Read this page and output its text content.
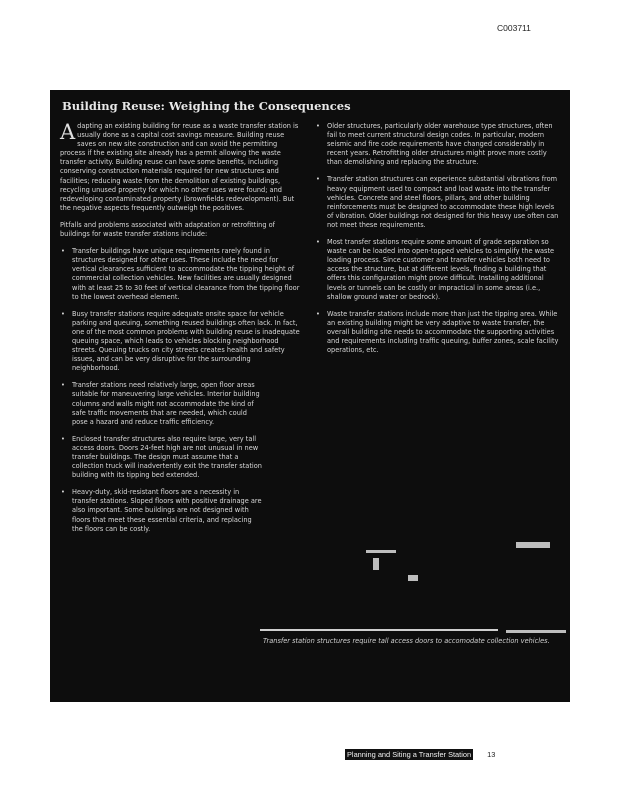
C003711
Building Reuse: Weighing the Consequences

Adapting an existing building for reuse as a waste transfer station is usually done as a capital cost savings measure. Building reuse saves on new site construction and can avoid the permitting process if the existing site already has a permit allowing the waste transfer activity. Building reuse can have some benefits, including conserving construction materials required for new structures and facilities; reducing waste from the demolition of existing buildings, recycling unused property for which no other uses were found; and redeveloping contaminated property (brownfields redevelopment). But the negative aspects frequently outweigh the positives.

Pitfalls and problems associated with adaptation or retrofitting of buildings for waste transfer stations include:

• Transfer buildings have unique requirements rarely found in structures designed for other uses. These include the need for vertical clearances sufficient to accommodate the tipping height of commercial collection vehicles. New facilities are usually designed with at least 25 to 30 feet of vertical clearance from the tipping floor to the lowest overhead element.
• Busy transfer stations require adequate onsite space for vehicle parking and queuing, something reused buildings often lack. In fact, one of the most common problems with building reuse is inadequate queuing space, which leads to vehicles blocking neighborhood streets. Queuing trucks on city streets creates health and safety issues, and can be very disruptive for the surrounding neighborhood.
• Transfer stations need relatively large, open floor areas suitable for maneuvering large vehicles. Interior building columns and walls might not accommodate the kind of safe traffic movements that are needed, which could pose a hazard and reduce traffic efficiency.
• Enclosed transfer structures also require large, very tall access doors. Doors 24-feet high are not unusual in new transfer buildings. The design must assume that a collection truck will inadvertently exit the transfer station building with its tipping bed extended.
• Heavy-duty, skid-resistant floors are a necessity in transfer stations. Sloped floors with positive drainage are also important. Some buildings are not designed with floors that meet these essential criteria, and replacing the floors can be costly.
• Older structures, particularly older warehouse type structures, often fail to meet current structural design codes. In particular, modern seismic and fire code requirements have changed considerably in recent years. Retrofitting older structures might prove more costly than demolishing and replacing the structure.
• Transfer station structures can experience substantial vibrations from heavy equipment used to compact and load waste into the transfer vehicles. Concrete and steel floors, pillars, and other building reinforcements must be designed to accommodate these high levels of vibration. Older buildings not designed for this heavy use often can not meet these requirements.
• Most transfer stations require some amount of grade separation so waste can be loaded into open-topped vehicles to simplify the waste loading process. Since customer and transfer vehicles both need to access the structure, but at different levels, finding a building that offers this configuration might prove difficult. Installing additional levels or tunnels can be costly or impractical in some areas (i.e., shallow ground water or bedrock).
• Waste transfer stations include more than just the tipping area. While an existing building might be very adaptive to waste transfer, the overall building site needs to accommodate the supporting activities and requirements including traffic queuing, buffer zones, scale facility operations, etc.
Transfer station structures require tall access doors to accomodate collection vehicles.
Planning and Siting a Transfer Station 13
